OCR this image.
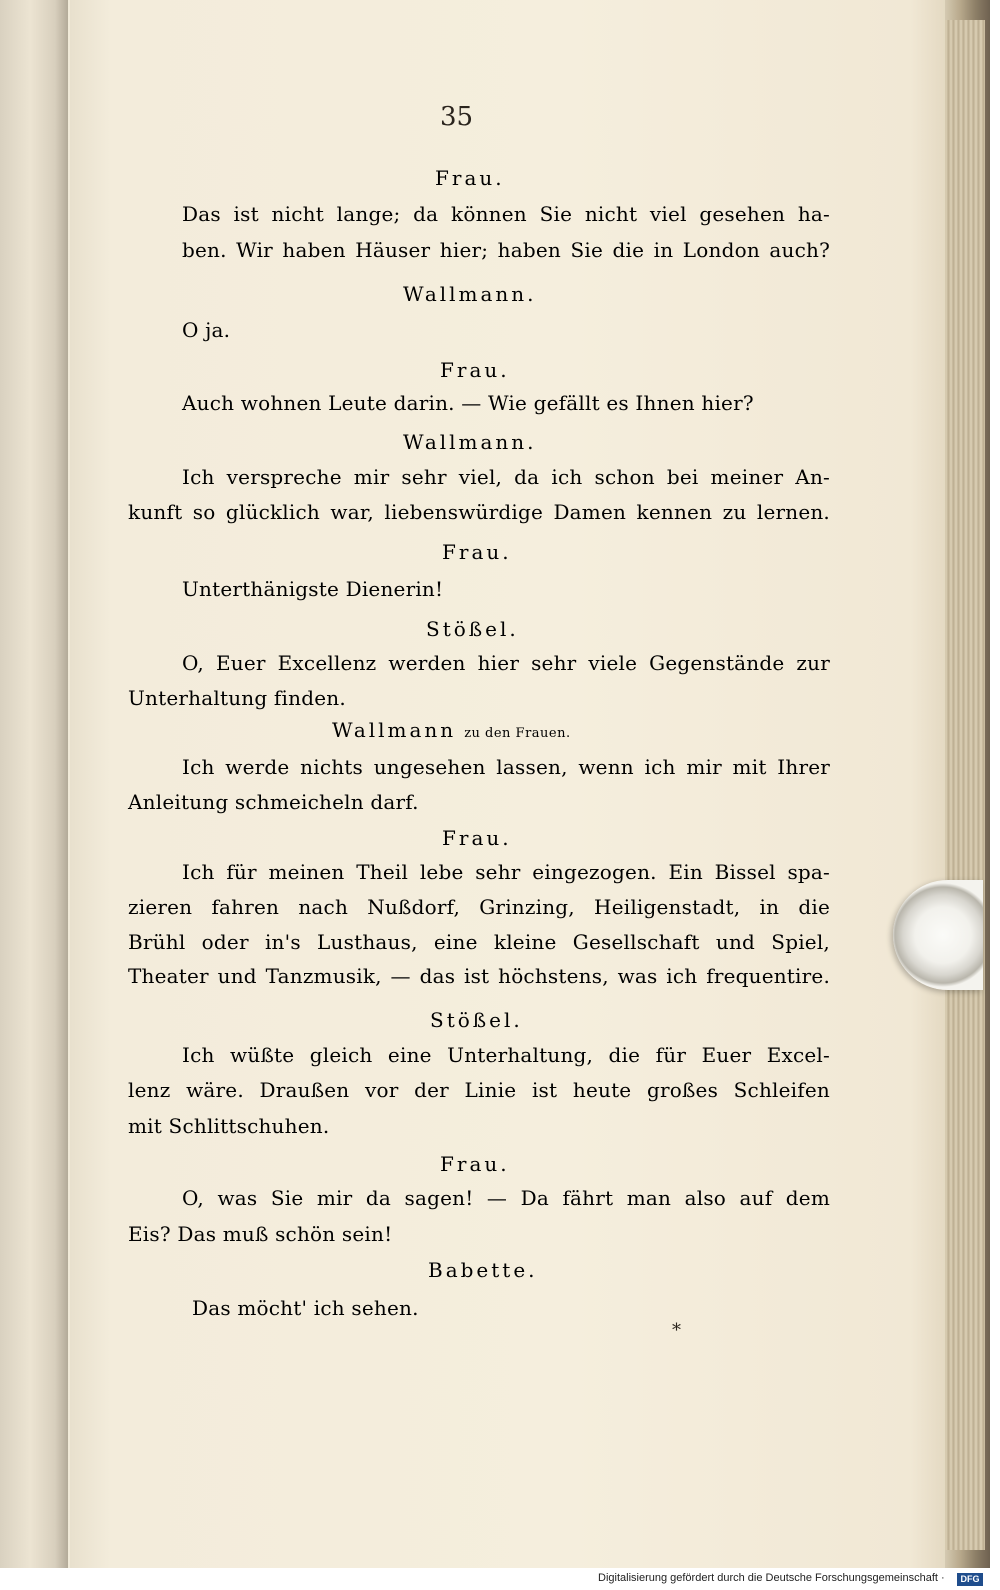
35
Frau.
Das ist nicht lange; da können Sie nicht viel gesehen ha-
ben. Wir haben Häuser hier; haben Sie die in London auch?
Wallmann.
O ja.
Frau.
Auch wohnen Leute darin. — Wie gefällt es Ihnen hier?
Wallmann.
Ich verspreche mir sehr viel, da ich schon bei meiner An-
kunft so glücklich war, liebenswürdige Damen kennen zu lernen.
Frau.
Unterthänigste Dienerin!
Stößel.
O, Euer Excellenz werden hier sehr viele Gegenstände zur
Unterhaltung finden.
Wallmann zu den Frauen.
Ich werde nichts ungesehen lassen, wenn ich mir mit Ihrer
Anleitung schmeicheln darf.
Frau.
Ich für meinen Theil lebe sehr eingezogen. Ein Bissel spa-
zieren fahren nach Nußdorf, Grinzing, Heiligenstadt, in die
Brühl oder in's Lusthaus, eine kleine Gesellschaft und Spiel,
Theater und Tanzmusik, — das ist höchstens, was ich frequentire.
Stößel.
Ich wüßte gleich eine Unterhaltung, die für Euer Excel-
lenz wäre. Draußen vor der Linie ist heute großes Schleifen
mit Schlittschuhen.
Frau.
O, was Sie mir da sagen! — Da fährt man also auf dem
Eis? Das muß schön sein!
Babette.
Das möcht' ich sehen.
*
Digitalisierung gefördert durch die Deutsche Forschungsgemeinschaft ·	DFG
